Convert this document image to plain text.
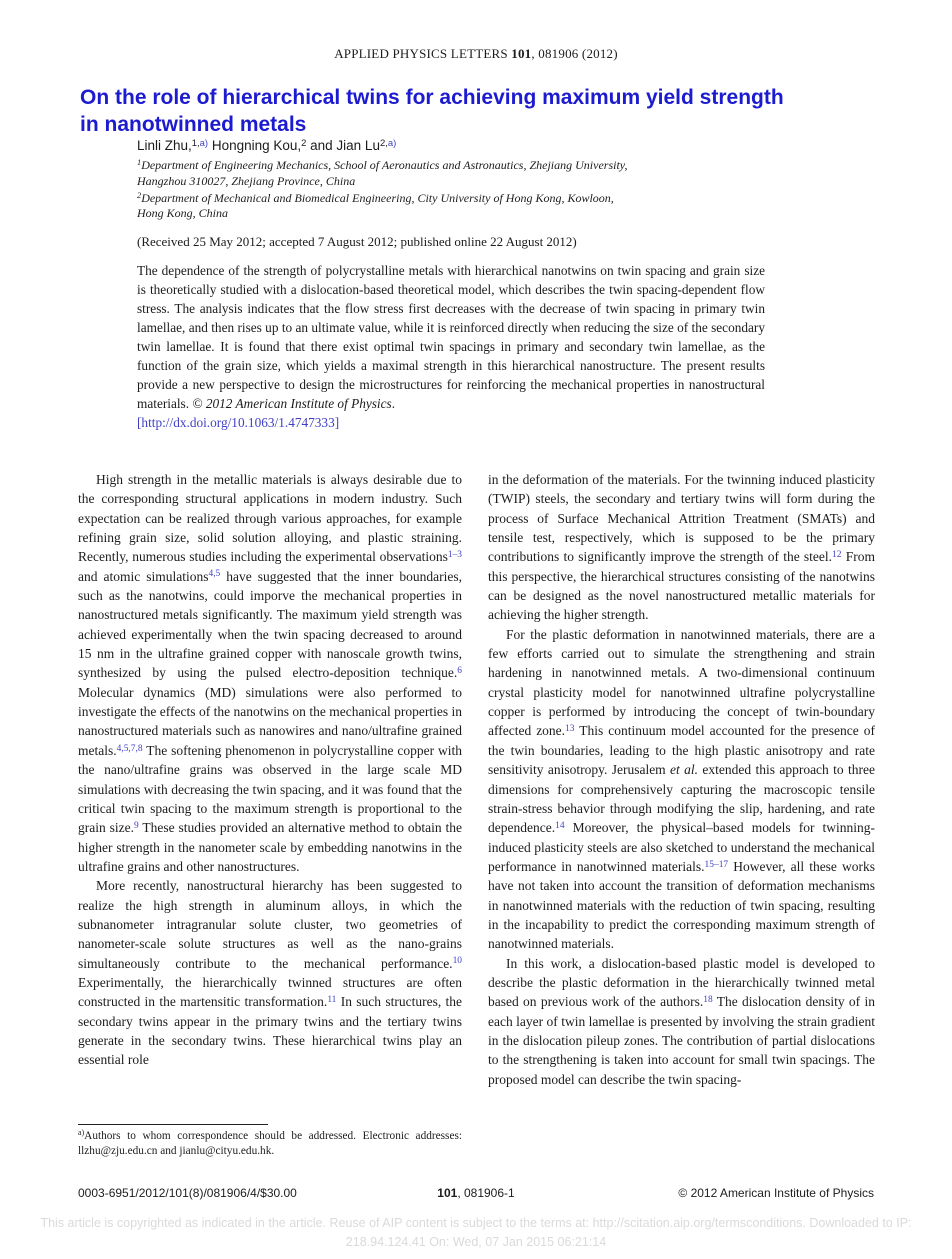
APPLIED PHYSICS LETTERS 101, 081906 (2012)
On the role of hierarchical twins for achieving maximum yield strength
in nanotwinned metals
Linli Zhu,$^{1,a)}$ Hongning Kou,$^2$ and Jian Lu$^{2,a)}$

$^1$Department of Engineering Mechanics, School of Aeronautics and Astronautics, Zhejiang University,
Hangzhou 310027, Zhejiang Province, China

$^2$Department of Mechanical and Biomedical Engineering, City University of Hong Kong, Kowloon,
Hong Kong, China

(Received 25 May 2012; accepted 7 August 2012; published online 22 August 2012)
The dependence of the strength of polycrystalline metals with hierarchical nanotwins on twin spacing and grain size is theoretically studied with a dislocation-based theoretical model, which describes the twin spacing-dependent flow stress. The analysis indicates that the flow stress first decreases with the decrease of twin spacing in primary twin lamellae, and then rises up to an ultimate value, while it is reinforced directly when reducing the size of the secondary twin lamellae. It is found that there exist optimal twin spacings in primary and secondary twin lamellae, as the function of the grain size, which yields a maximal strength in this hierarchical nanostructure. The present results provide a new perspective to design the microstructures for reinforcing the mechanical properties in nanostructural materials. © 2012 American Institute of Physics.
[http://dx.doi.org/10.1063/1.4747333]

High strength in the metallic materials is always desirable due to the corresponding structural applications in modern industry. Such expectation can be realized through various approaches, for example refining grain size, solid solution alloying, and plastic straining. Recently, numerous studies including the experimental observations$^{1-3}$ and atomic simulations$^{4,5}$ have suggested that the inner boundaries, such as the nanotwins, could imporve the mechanical properties in nanostructured metals significantly. The maximum yield strength was achieved experimentally when the twin spacing decreased to around 15 nm in the ultrafine grained copper with nanoscale growth twins, synthesized by using the pulsed electro-deposition technique.$^6$ Molecular dynamics (MD) simulations were also performed to investigate the effects of the nanotwins on the mechanical properties in nanostructured materials such as nanowires and nano/ultrafine grained metals.$^{4,5,7,8}$ The softening phenomenon in polycrystalline copper with the nano/ultrafine grains was observed in the large scale MD simulations with decreasing the twin spacing, and it was found that the critical twin spacing to the maximum strength is proportional to the grain size.$^9$ These studies provided an alternative method to obtain the higher strength in the nanometer scale by embedding nanotwins in the ultrafine grains and other nanostructures.

More recently, nanostructural hierarchy has been suggested to realize the high strength in aluminum alloys, in which the subnanometer intragranular solute cluster, two geometries of nanometer-scale solute structures as well as the nano-grains simultaneously contribute to the mechanical performance.$^{10}$ Experimentally, the hierarchically twinned structures are often constructed in the martensitic transformation.$^{11}$ In such structures, the secondary twins appear in the primary twins and the tertiary twins generate in the secondary twins. These hierarchical twins play an essential role

in the deformation of the materials. For the twinning induced plasticity (TWIP) steels, the secondary and tertiary twins will form during the process of Surface Mechanical Attrition Treatment (SMATs) and tensile test, respectively, which is supposed to be the primary contributions to significantly improve the strength of the steel.$^{12}$ From this perspective, the hierarchical structures consisting of the nanotwins can be designed as the novel nanostructured metallic materials for achieving the higher strength.

For the plastic deformation in nanotwinned materials, there are a few efforts carried out to simulate the strengthening and strain hardening in nanotwinned metals. A two-dimensional continuum crystal plasticity model for nanotwinned ultrafine polycrystalline copper is performed by introducing the concept of twin-boundary affected zone.$^{13}$ This continuum model accounted for the presence of the twin boundaries, leading to the high plastic anisotropy and rate sensitivity anisotropy. Jerusalem et al. extended this approach to three dimensions for comprehensively capturing the macroscopic tensile strain-stress behavior through modifying the slip, hardening, and rate dependence.$^{14}$ Moreover, the physical–based models for twinning-induced plasticity steels are also sketched to understand the mechanical performance in nanotwinned materials.$^{15-17}$ However, all these works have not taken into account the transition of deformation mechanisms in nanotwinned materials with the reduction of twin spacing, resulting in the incapability to predict the corresponding maximum strength of nanotwinned materials.

In this work, a dislocation-based plastic model is developed to describe the plastic deformation in the hierarchically twinned metal based on previous work of the authors.$^{18}$ The dislocation density of in each layer of twin lamellae is presented by involving the strain gradient in the dislocation pileup zones. The contribution of partial dislocations to the strengthening is taken into account for small twin spacings. The proposed model can describe the twin spacing-

$^{a)}$Authors to whom correspondence should be addressed. Electronic addresses: llzhu@zju.edu.cn and jianlu@cityu.edu.hk.
101, 081906-1
0003-6951/2012/101(8)/081906/4/$30.00	© 2012 American Institute of Physics
This article is copyrighted as indicated in the article. Reuse of AIP content is subject to the terms at: http://scitation.aip.org/termsconditions. Downloaded to IP:
218.94.124.41 On: Wed, 07 Jan 2015 06:21:14
